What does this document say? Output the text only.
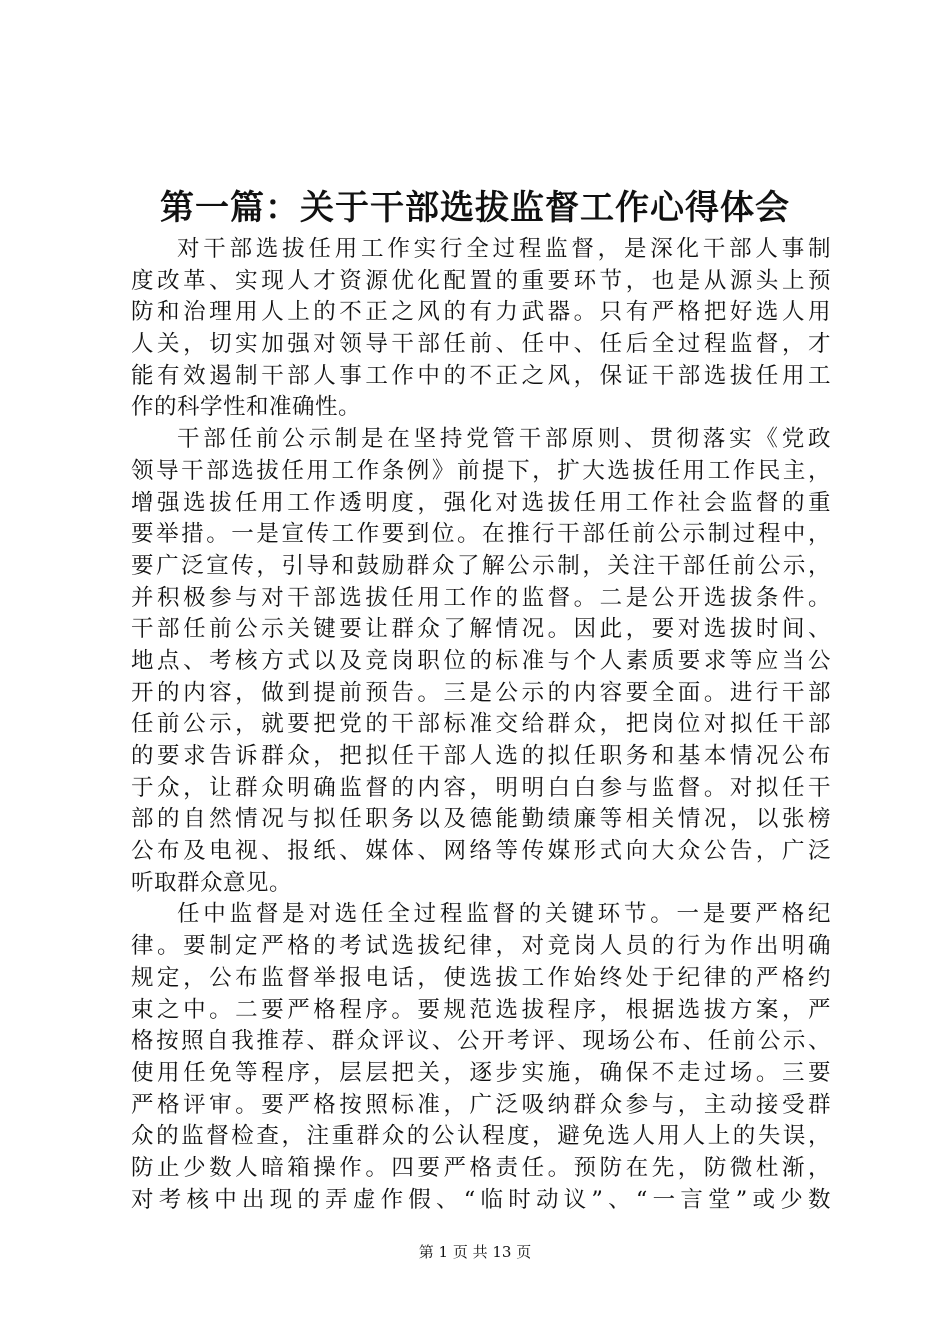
第一篇：关于干部选拔监督工作心得体会
对干部选拔任用工作实行全过程监督，是深化干部人事制
度改革、实现人才资源优化配置的重要环节，也是从源头上预
防和治理用人上的不正之风的有力武器。只有严格把好选人用
人关，切实加强对领导干部任前、任中、任后全过程监督，才
能有效遏制干部人事工作中的不正之风，保证干部选拔任用工
作的科学性和准确性。
干部任前公示制是在坚持党管干部原则、贯彻落实《党政
领导干部选拔任用工作条例》前提下，扩大选拔任用工作民主，
增强选拔任用工作透明度，强化对选拔任用工作社会监督的重
要举措。一是宣传工作要到位。在推行干部任前公示制过程中，
要广泛宣传，引导和鼓励群众了解公示制，关注干部任前公示，
并积极参与对干部选拔任用工作的监督。二是公开选拔条件。
干部任前公示关键要让群众了解情况。因此，要对选拔时间、
地点、考核方式以及竞岗职位的标准与个人素质要求等应当公
开的内容，做到提前预告。三是公示的内容要全面。进行干部
任前公示，就要把党的干部标准交给群众，把岗位对拟任干部
的要求告诉群众，把拟任干部人选的拟任职务和基本情况公布
于众，让群众明确监督的内容，明明白白参与监督。对拟任干
部的自然情况与拟任职务以及德能勤绩廉等相关情况，以张榜
公布及电视、报纸、媒体、网络等传媒形式向大众公告，广泛
听取群众意见。
任中监督是对选任全过程监督的关键环节。一是要严格纪
律。要制定严格的考试选拔纪律，对竞岗人员的行为作出明确
规定，公布监督举报电话，使选拔工作始终处于纪律的严格约
束之中。二要严格程序。要规范选拔程序，根据选拔方案，严
格按照自我推荐、群众评议、公开考评、现场公布、任前公示、
使用任免等程序，层层把关，逐步实施，确保不走过场。三要
严格评审。要严格按照标准，广泛吸纳群众参与，主动接受群
众的监督检查，注重群众的公认程度，避免选人用人上的失误，
防止少数人暗箱操作。四要严格责任。预防在先，防微杜渐，
对考核中出现的弄虚作假、“临时动议”、“一言堂”或少数
第 1 页 共 13 页
